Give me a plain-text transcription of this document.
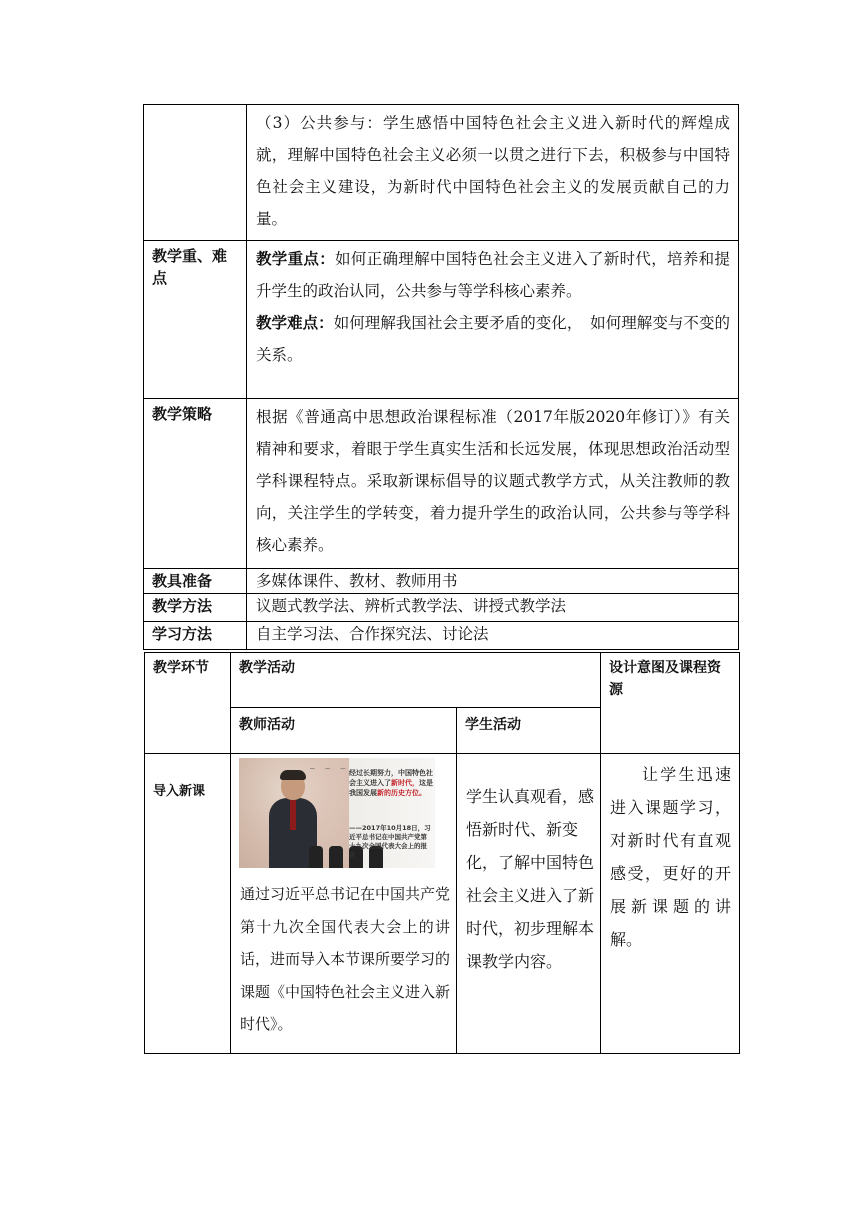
	（3）公共参与：学生感悟中国特色社会主义进入新时代的辉煌成就，理解中国特色社会主义必须一以贯之进行下去，积极参与中国特色社会主义建设，为新时代中国特色社会主义的发展贡献自己的力量。

教学重、难点	教学重点：如何正确理解中国特色社会主义进入了新时代，培养和提升学生的政治认同，公共参与等学科核心素养。

教学难点：如何理解我国社会主要矛盾的变化，　如何理解变与不变的关系。

教学策略	根据《普通高中思想政治课程标准（2017年版2020年修订）》有关精神和要求，着眼于学生真实生活和长远发展，体现思想政治活动型学科课程特点。采取新课标倡导的议题式教学方式，从关注教师的教向，关注学生的学转变，着力提升学生的政治认同，公共参与等学科核心素养。

教具准备	多媒体课件、教材、教师用书

教学方法	议题式教学法、辨析式教学法、讲授式教学法

学习方法	自主学习法、合作探究法、讨论法
教学环节	教学活动		设计意图及课程资源

	教师活动	学生活动	

导入新课	~ ~ ~ 经过长期努力，中国特色社会主义进入了新时代，这是我国发展新的历史方位。
——2017年10月18日，习近平总书记在中国共产党第十九次全国代表大会上的报告
通过习近平总书记在中国共产党第十九次全国代表大会上的讲话，进而导入本节课所要学习的课题《中国特色社会主义进入新时代》。	学生认真观看，感悟新时代、新变化，了解中国特色社会主义进入了新时代，初步理解本课教学内容。	让学生迅速进入课题学习，对新时代有直观感受，更好的开展新课题的讲解。
